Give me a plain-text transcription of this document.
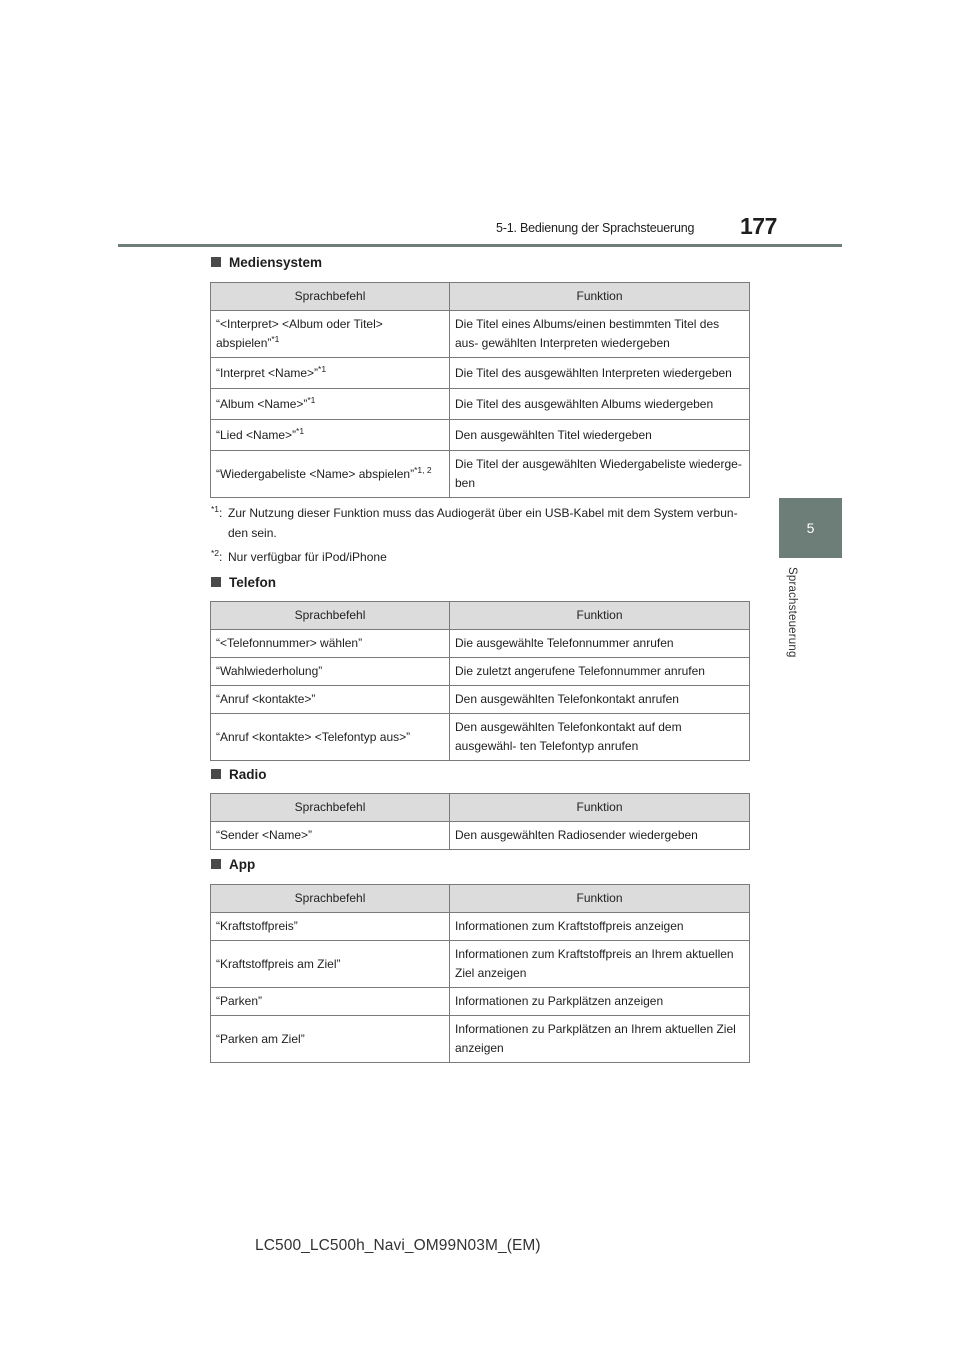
5-1. Bedienung der Sprachsteuerung 177
5
Sprachsteuerung
Mediensystem
Sprachbefehl	Funktion
“<Interpret> <Album oder Titel> abspielen”$^{*1}$	Die Titel eines Albums/einen bestimmten Titel des aus- gewählten Interpreten wiedergeben
“Interpret <Name>”$^{*1}$	Die Titel des ausgewählten Interpreten wiedergeben
“Album <Name>”$^{*1}$	Die Titel des ausgewählten Albums wiedergeben
“Lied <Name>”$^{*1}$	Den ausgewählten Titel wiedergeben
“Wiedergabeliste <Name> abspielen”$^{*1, 2}$	Die Titel der ausgewählten Wiedergabeliste wiederge- ben
$^{*1}$: Zur Nutzung dieser Funktion muss das Audiogerät über ein USB-Kabel mit dem System verbun- den sein.
$^{*2}$: Nur verfügbar für iPod/iPhone
Telefon
Sprachbefehl	Funktion
“<Telefonnummer> wählen”	Die ausgewählte Telefonnummer anrufen
“Wahlwiederholung”	Die zuletzt angerufene Telefonnummer anrufen
“Anruf <kontakte>”	Den ausgewählten Telefonkontakt anrufen
“Anruf <kontakte> <Telefontyp aus>”	Den ausgewählten Telefonkontakt auf dem ausgewähl- ten Telefontyp anrufen
Radio
Sprachbefehl	Funktion
“Sender <Name>”	Den ausgewählten Radiosender wiedergeben
App
Sprachbefehl	Funktion
“Kraftstoffpreis”	Informationen zum Kraftstoffpreis anzeigen
“Kraftstoffpreis am Ziel”	Informationen zum Kraftstoffpreis an Ihrem aktuellen Ziel anzeigen
“Parken”	Informationen zu Parkplätzen anzeigen
“Parken am Ziel”	Informationen zu Parkplätzen an Ihrem aktuellen Ziel anzeigen
LC500_LC500h_Navi_OM99N03M_(EM)
